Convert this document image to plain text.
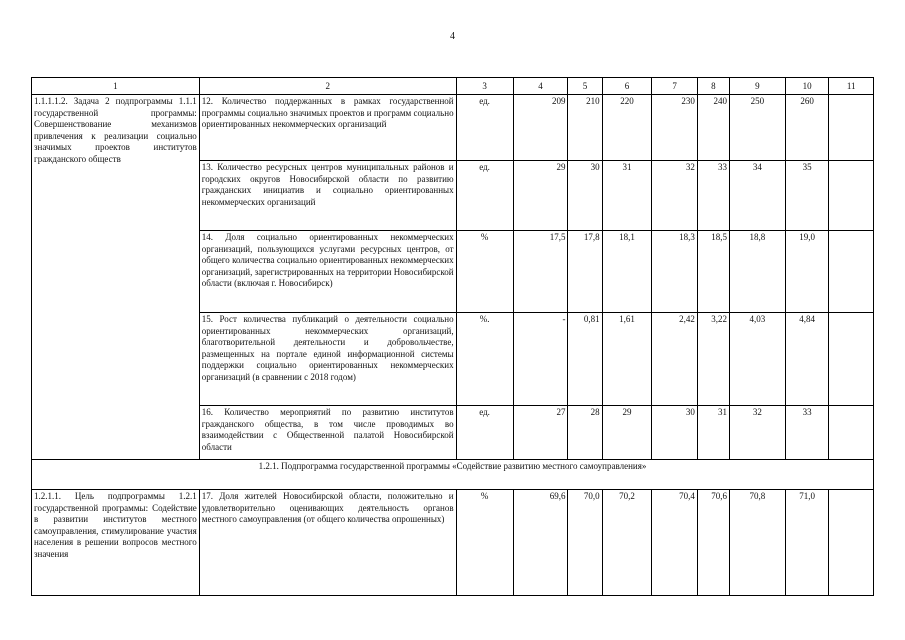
4
1	2	3	4	5	6	7	8	9	10	11
1.1.1.1.2. Задача 2 подпрограммы 1.1.1 государственной программы: Совершенствование механизмов привлечения к реализации социально значимых проектов институтов гражданского обществ	12. Количество поддержанных в рамках государственной программы социально значимых проектов и программ социально ориентированных некоммерческих организаций	ед.	209	210	220	230	240	250	260	
	13. Количество ресурсных центров муниципальных районов и городских округов Новосибирской области по развитию гражданских инициатив и социально ориентированных некоммерческих организаций	ед.	29	30	31	32	33	34	35	
	14. Доля социально ориентированных некоммерческих организаций, пользующихся услугами ресурсных центров, от общего количества социально ориентированных некоммерческих организаций, зарегистрированных на территории Новосибирской области (включая г. Новосибирск)	%	17,5	17,8	18,1	18,3	18,5	18,8	19,0	
	15. Рост количества публикаций о деятельности социально ориентированных некоммерческих организаций, благотворительной деятельности и добровольчестве, размещенных на портале единой информационной системы поддержки социально ориентированных некоммерческих организаций (в сравнении с 2018 годом)	%.	-	0,81	1,61	2,42	3,22	4,03	4,84	
	16. Количество мероприятий по развитию институтов гражданского общества, в том числе проводимых во взаимодействии с Общественной палатой Новосибирской области	ед.	27	28	29	30	31	32	33	
1.2.1. Подпрограмма государственной программы «Содействие развитию местного самоуправления»										
1.2.1.1. Цель подпрограммы 1.2.1 государственной программы: Содействие в развитии институтов местного самоуправления, стимулирование участия населения в решении вопросов местного значения	17. Доля жителей Новосибирской области, положительно и удовлетворительно оценивающих деятельность органов местного самоуправления (от общего количества опрошенных)	%	69,6	70,0	70,2	70,4	70,6	70,8	71,0	
